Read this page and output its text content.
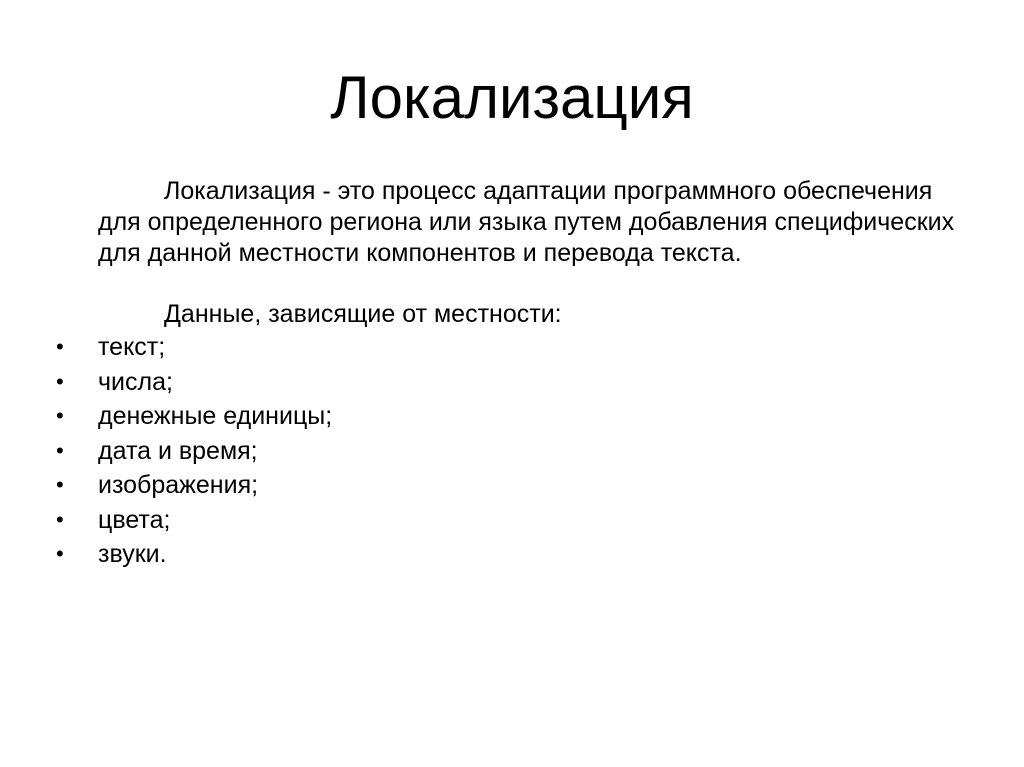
Локализация

Локализация - это процесс адаптации программного обеспечения для определенного региона или языка путем добавления специфических для данной местности компонентов и перевода текста.

Данные, зависящие от местности:

• текст;
• числа;
• денежные единицы;
• дата и время;
• изображения;
• цвета;
• звуки.
